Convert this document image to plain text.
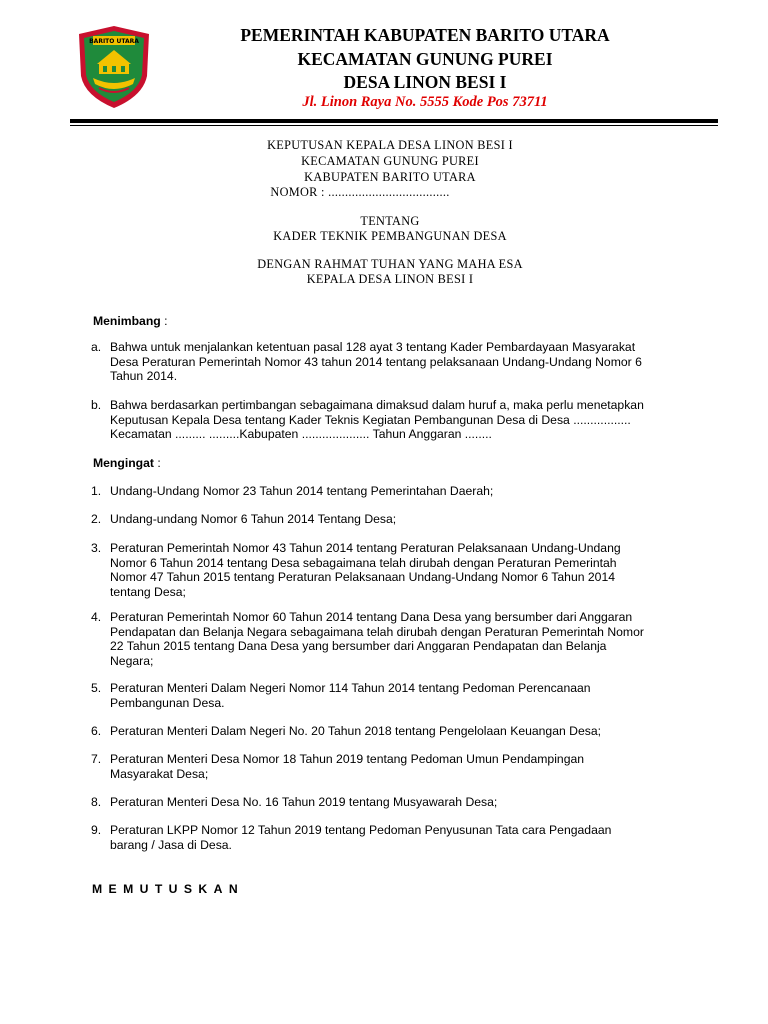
BARITO UTARA	PEMERINTAH KABUPATEN BARITO UTARA
KECAMATAN GUNUNG PUREI
DESA LINON BESI I
Jl. Linon Raya No. 5555 Kode Pos 73711
KEPUTUSAN KEPALA DESA LINON BESI I
KECAMATAN GUNUNG PUREI
KABUPATEN BARITO UTARA
NOMOR : ....................................
TENTANG
KADER TEKNIK PEMBANGUNAN DESA
DENGAN RAHMAT TUHAN YANG MAHA ESA
KEPALA DESA LINON BESI I
Menimbang :
a. Bahwa untuk menjalankan ketentuan pasal 128 ayat 3 tentang Kader Pembardayaan Masyarakat
Desa Peraturan Pemerintah Nomor 43 tahun 2014 tentang pelaksanaan Undang-Undang Nomor 6
Tahun 2014.
b. Bahwa berdasarkan pertimbangan sebagaimana dimaksud dalam huruf a, maka perlu menetapkan
Keputusan Kepala Desa tentang Kader Teknis Kegiatan Pembangunan Desa di Desa .................
Kecamatan ......... .........Kabupaten .................... Tahun Anggaran ........
Mengingat :
1. Undang-Undang Nomor 23 Tahun 2014 tentang Pemerintahan Daerah;
2. Undang-undang Nomor 6 Tahun 2014 Tentang Desa;
3. Peraturan Pemerintah Nomor 43 Tahun 2014 tentang Peraturan Pelaksanaan Undang-Undang
Nomor 6 Tahun 2014 tentang Desa sebagaimana telah dirubah dengan Peraturan Pemerintah
Nomor 47 Tahun 2015 tentang Peraturan Pelaksanaan Undang-Undang Nomor 6 Tahun 2014
tentang Desa;
4. Peraturan Pemerintah Nomor 60 Tahun 2014 tentang Dana Desa yang bersumber dari Anggaran
Pendapatan dan Belanja Negara sebagaimana telah dirubah dengan Peraturan Pemerintah Nomor
22 Tahun 2015 tentang Dana Desa yang bersumber dari Anggaran Pendapatan dan Belanja
Negara;
5. Peraturan Menteri Dalam Negeri Nomor 114 Tahun 2014 tentang Pedoman Perencanaan
Pembangunan Desa.
6. Peraturan Menteri Dalam Negeri No. 20 Tahun 2018 tentang Pengelolaan Keuangan Desa;
7. Peraturan Menteri Desa Nomor 18 Tahun 2019 tentang Pedoman Umun Pendampingan
Masyarakat Desa;
8. Peraturan Menteri Desa No. 16 Tahun 2019 tentang Musyawarah Desa;
9. Peraturan LKPP Nomor 12 Tahun 2019 tentang Pedoman Penyusunan Tata cara Pengadaan
barang / Jasa di Desa.
MEMUTUSKAN
